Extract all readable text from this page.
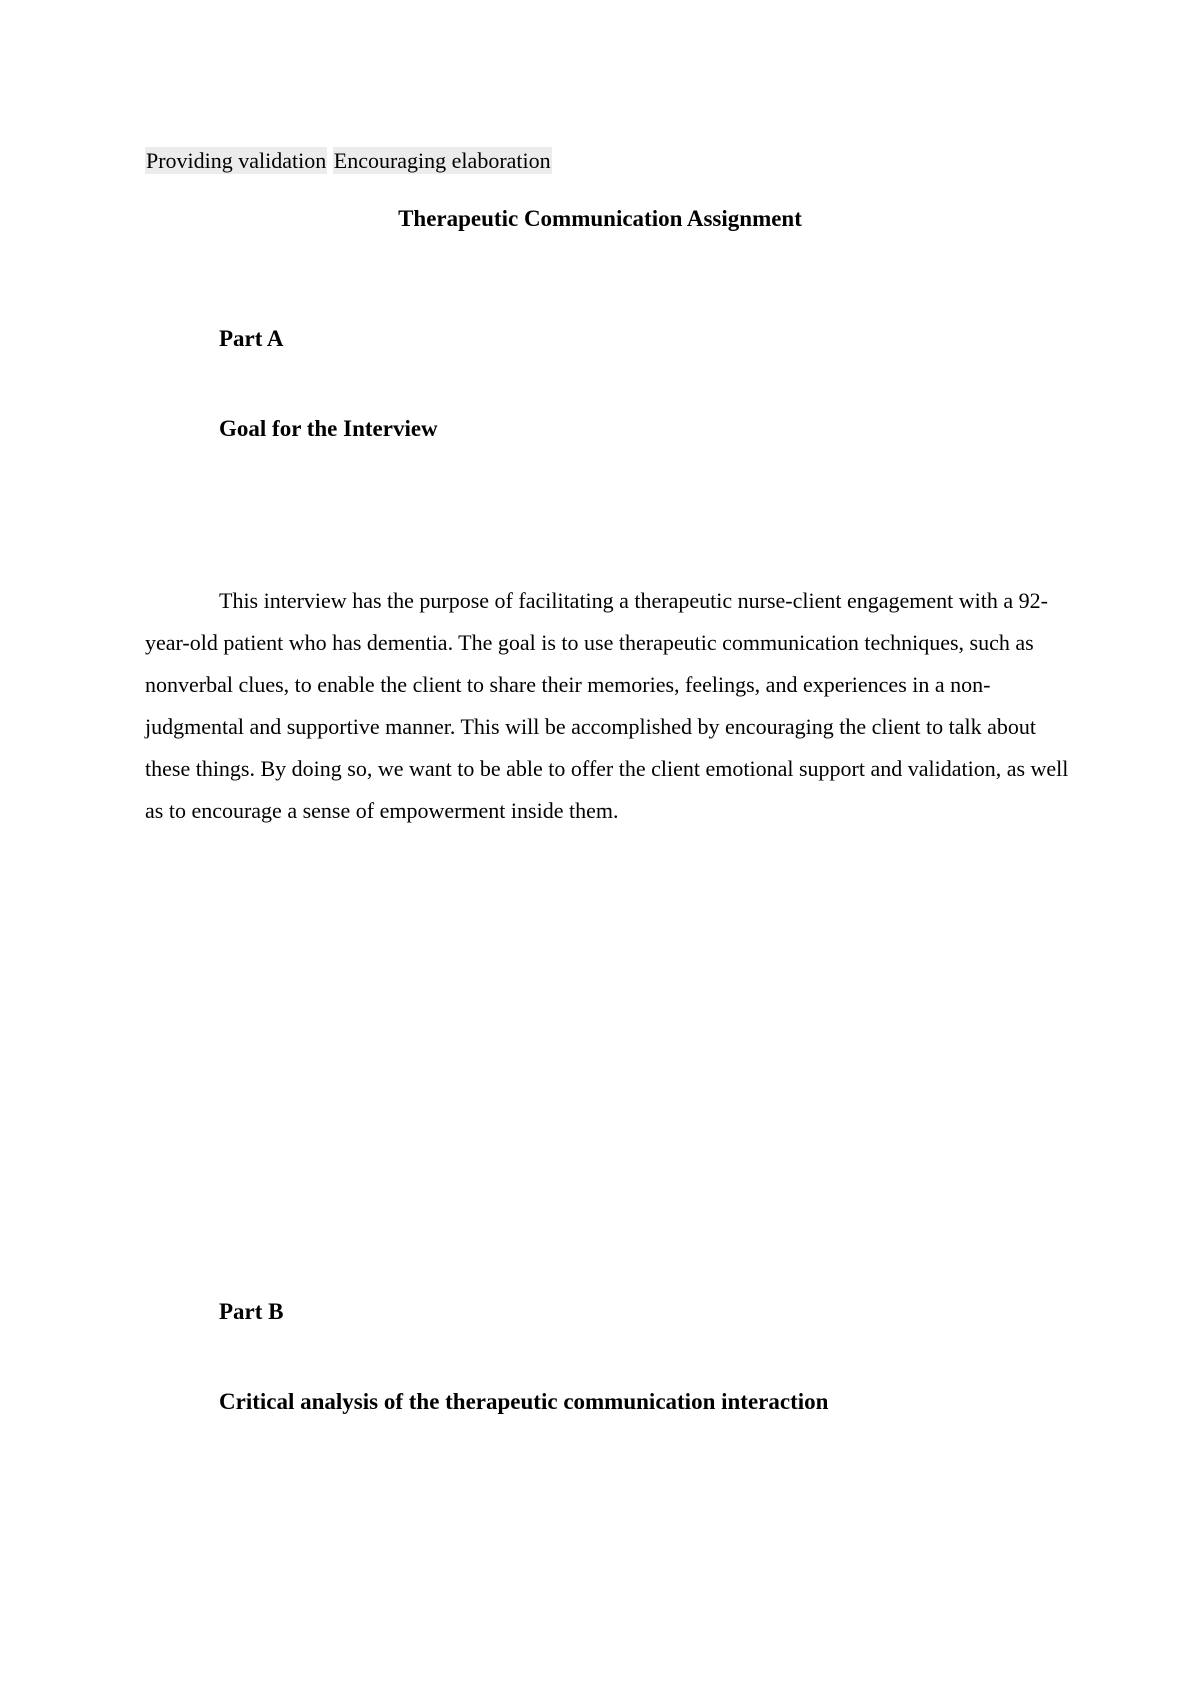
Providing validation Encouraging elaboration
Therapeutic Communication Assignment
Part A
Goal for the Interview

This interview has the purpose of facilitating a therapeutic nurse-client engagement with a 92-year-old patient who has dementia. The goal is to use therapeutic communication techniques, such as nonverbal clues, to enable the client to share their memories, feelings, and experiences in a non-judgmental and supportive manner. This will be accomplished by encouraging the client to talk about these things. By doing so, we want to be able to offer the client emotional support and validation, as well as to encourage a sense of empowerment inside them.

Part B
Critical analysis of the therapeutic communication interaction
